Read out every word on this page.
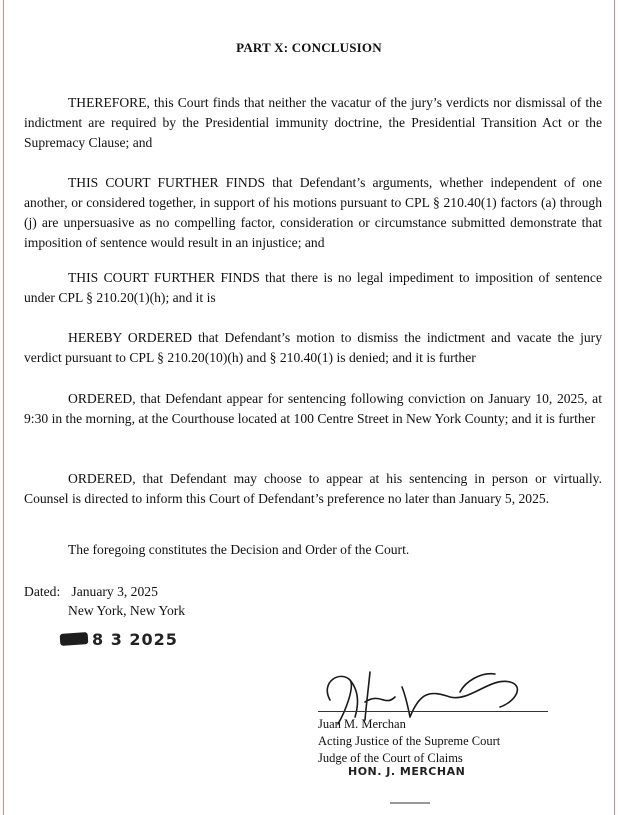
PART X: CONCLUSION

THEREFORE, this Court finds that neither the vacatur of the jury’s verdicts nor dismissal of the indictment are required by the Presidential immunity doctrine, the Presidential Transition Act or the Supremacy Clause; and

THIS COURT FURTHER FINDS that Defendant’s arguments, whether independent of one another, or considered together, in support of his motions pursuant to CPL § 210.40(1) factors (a) through (j) are unpersuasive as no compelling factor, consideration or circumstance submitted demonstrate that imposition of sentence would result in an injustice; and

THIS COURT FURTHER FINDS that there is no legal impediment to imposition of sentence under CPL § 210.20(1)(h); and it is

HEREBY ORDERED that Defendant’s motion to dismiss the indictment and vacate the jury verdict pursuant to CPL § 210.20(10)(h) and § 210.40(1) is denied; and it is further

ORDERED, that Defendant appear for sentencing following conviction on January 10, 2025, at 9:30 in the morning, at the Courthouse located at 100 Centre Street in New York County; and it is further

ORDERED, that Defendant may choose to appear at his sentencing in person or virtually. Counsel is directed to inform this Court of Defendant’s preference no later than January 5, 2025.

The foregoing constitutes the Decision and Order of the Court.

Dated: January 3, 2025
New York, New York
8 3 2025
Juan M. Merchan
Acting Justice of the Supreme Court
Judge of the Court of Claims
HON. J. MERCHAN
